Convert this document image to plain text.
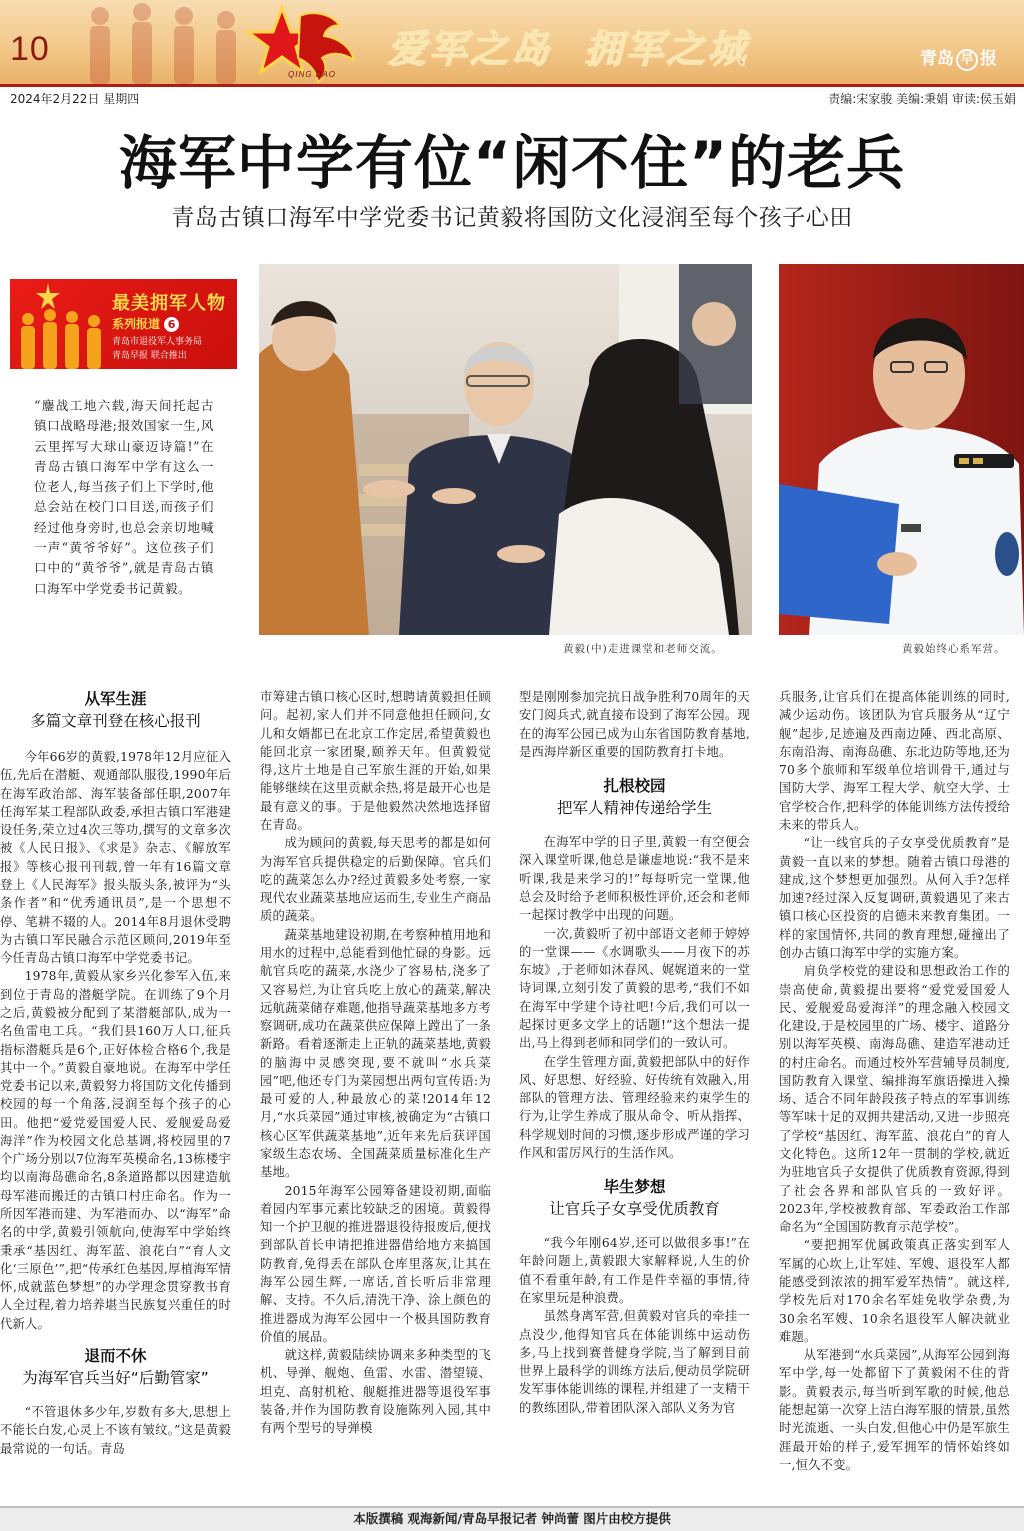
10
QING DAO
爱军之岛  拥军之城	青岛 早 报
2024年2月22日 星期四	责编:宋家骏 美编:秉娟 审读:侯玉娟
海军中学有位“闲不住”的老兵
青岛古镇口海军中学党委书记黄毅将国防文化浸润至每个孩子心田
最美拥军人物
系列报道 6
青岛市退役军人事务局
青岛早报 联合推出
“鏖战工地六载,海天间托起古镇口战略母港;报效国家一生,风云里挥写大球山豪迈诗篇!”在青岛古镇口海军中学有这么一位老人,每当孩子们上下学时,他总会站在校门口目送,而孩子们经过他身旁时,也总会亲切地喊一声“黄爷爷好”。这位孩子们口中的“黄爷爷”,就是青岛古镇口海军中学党委书记黄毅。
黄毅(中)走进课堂和老师交流。	黄毅始终心系军营。
从军生涯
多篇文章刊登在核心报刊

今年66岁的黄毅,1978年12月应征入伍,先后在潜艇、观通部队服役,1990年后在海军政治部、海军装备部任职,2007年任海军某工程部队政委,承担古镇口军港建设任务,荣立过4次三等功,撰写的文章多次被《人民日报》、《求是》杂志、《解放军报》等核心报刊刊载,曾一年有16篇文章登上《人民海军》报头版头条,被评为“头条作者”和“优秀通讯员”,是一个思想不停、笔耕不辍的人。2014年8月退休受聘为古镇口军民融合示范区顾问,2019年至今任青岛古镇口海军中学党委书记。

1978年,黄毅从家乡兴化参军入伍,来到位于青岛的潜艇学院。在训练了9个月之后,黄毅被分配到了某潜艇部队,成为一名鱼雷电工兵。“我们县160万人口,征兵指标潜艇兵是6个,正好体检合格6个,我是其中一个。”黄毅自豪地说。在海军中学任党委书记以来,黄毅努力将国防文化传播到校园的每一个角落,浸润至每个孩子的心田。他把“爱党爱国爱人民、爱舰爱岛爱海洋”作为校园文化总基调,将校园里的7个广场分别以7位海军英模命名,13栋楼宇均以南海岛礁命名,8条道路都以因建造航母军港而搬迁的古镇口村庄命名。作为一所因军港而建、为军港而办、以“海军”命名的中学,黄毅引领航向,使海军中学始终秉承“基因红、海军蓝、浪花白”“育人文化‘三原色’”,把“传承红色基因,厚植海军情怀,成就蓝色梦想”的办学理念贯穿教书育人全过程,着力培养堪当民族复兴重任的时代新人。

退而不休
为海军官兵当好“后勤管家”

“不管退休多少年,岁数有多大,思想上不能长白发,心灵上不该有皱纹。”这是黄毅最常说的一句话。青岛

市筹建古镇口核心区时,想聘请黄毅担任顾问。起初,家人们并不同意他担任顾问,女儿和女婿都已在北京工作定居,希望黄毅也能回北京一家团聚,颐养天年。但黄毅觉得,这片土地是自己军旅生涯的开始,如果能够继续在这里贡献余热,将是最开心也是最有意义的事。于是他毅然决然地选择留在青岛。

成为顾问的黄毅,每天思考的都是如何为海军官兵提供稳定的后勤保障。官兵们吃的蔬菜怎么办?经过黄毅多处考察,一家现代农业蔬菜基地应运而生,专业生产商品质的蔬菜。

蔬菜基地建设初期,在考察种植用地和用水的过程中,总能看到他忙碌的身影。远航官兵吃的蔬菜,水浇少了容易枯,浇多了又容易烂,为让官兵吃上放心的蔬菜,解决远航蔬菜储存难题,他指导蔬菜基地多方考察调研,成功在蔬菜供应保障上蹚出了一条新路。看着逐渐走上正轨的蔬菜基地,黄毅的脑海中灵感突现,要不就叫“水兵菜园”吧,他还专门为菜园想出两句宣传语:为最可爱的人,种最放心的菜!2014年12月,“水兵菜园”通过审核,被确定为“古镇口核心区军供蔬菜基地”,近年来先后获评国家级生态农场、全国蔬菜质量标准化生产基地。

2015年海军公园筹备建设初期,面临着园内军事元素比较缺乏的困境。黄毅得知一个护卫舰的推进器退役待报废后,便找到部队首长申请把推进器借给地方来搞国防教育,免得丢在部队仓库里落灰,让其在海军公园生辉,一席话,首长听后非常理解、支持。不久后,清洗干净、涂上颜色的推进器成为海军公园中一个极具国防教育价值的展品。

就这样,黄毅陆续协调来多种类型的飞机、导弹、舰炮、鱼雷、水雷、潜望镜、坦克、高射机枪、舰艇推进器等退役军事装备,并作为国防教育设施陈列入园,其中有两个型号的导弹模

型是刚刚参加完抗日战争胜利70周年的天安门阅兵式,就直接布设到了海军公园。现在的海军公园已成为山东省国防教育基地,是西海岸新区重要的国防教育打卡地。

扎根校园
把军人精神传递给学生

在海军中学的日子里,黄毅一有空便会深入课堂听课,他总是谦虚地说:“我不是来听课,我是来学习的!”每每听完一堂课,他总会及时给予老师积极性评价,还会和老师一起探讨教学中出现的问题。

一次,黄毅听了初中部语文老师于婷婷的一堂课——《水调歌头——月夜下的苏东坡》,于老师如沐春风、娓娓道来的一堂诗词课,立刻引发了黄毅的思考,“我们不如在海军中学建个诗社吧!今后,我们可以一起探讨更多文学上的话题!”这个想法一提出,马上得到老师和同学们的一致认可。

在学生管理方面,黄毅把部队中的好作风、好思想、好经验、好传统有效融入,用部队的管理方法、管理经验来约束学生的行为,让学生养成了服从命令、听从指挥、科学规划时间的习惯,逐步形成严谨的学习作风和雷厉风行的生活作风。

毕生梦想
让官兵子女享受优质教育

“我今年刚64岁,还可以做很多事!”在年龄问题上,黄毅跟大家解释说,人生的价值不看重年龄,有工作是件幸福的事情,待在家里玩是种浪费。

虽然身离军营,但黄毅对官兵的牵挂一点没少,他得知官兵在体能训练中运动伤多,马上找到赛普健身学院,当了解到目前世界上最科学的训练方法后,便动员学院研发军事体能训练的课程,并组建了一支精干的教练团队,带着团队深入部队义务为官

兵服务,让官兵们在提高体能训练的同时,减少运动伤。该团队为官兵服务从“辽宁舰”起步,足迹遍及西南边陲、西北高原、东南沿海、南海岛礁、东北边防等地,还为70多个旅师和军级单位培训骨干,通过与国防大学、海军工程大学、航空大学、士官学校合作,把科学的体能训练方法传授给未来的带兵人。

“让一线官兵的子女享受优质教育”是黄毅一直以来的梦想。随着古镇口母港的建成,这个梦想更加强烈。从何入手?怎样加速?经过深入反复调研,黄毅遇见了来古镇口核心区投资的启德未来教育集团。一样的家国情怀,共同的教育理想,碰撞出了创办古镇口海军中学的实施方案。

肩负学校党的建设和思想政治工作的崇高使命,黄毅提出要将“爱党爱国爱人民、爱舰爱岛爱海洋”的理念融入校园文化建设,于是校园里的广场、楼宇、道路分别以海军英模、南海岛礁、建造军港动迁的村庄命名。而通过校外军营辅导员制度,国防教育入课堂、编排海军旗语操进入操场、适合不同年龄段孩子特点的军事训练等军味十足的双拥共建活动,又进一步照亮了学校“基因红、海军蓝、浪花白”的育人文化特色。这所12年一贯制的学校,就近为驻地官兵子女提供了优质教育资源,得到了社会各界和部队官兵的一致好评。2023年,学校被教育部、军委政治工作部命名为“全国国防教育示范学校”。

“要把拥军优属政策真正落实到军人军属的心坎上,让军娃、军嫂、退役军人都能感受到浓浓的拥军爱军热情”。就这样,学校先后对170余名军娃免收学杂费,为30余名军嫂、10余名退役军人解决就业难题。

从军港到“水兵菜园”,从海军公园到海军中学,每一处都留下了黄毅闲不住的背影。黄毅表示,每当听到军歌的时候,他总能想起第一次穿上洁白海军服的情景,虽然时光流逝、一头白发,但他心中仍是军旅生涯最开始的样子,爱军拥军的情怀始终如一,恒久不变。

本版撰稿 观海新闻/青岛早报记者 钟尚蕾 图片由校方提供
